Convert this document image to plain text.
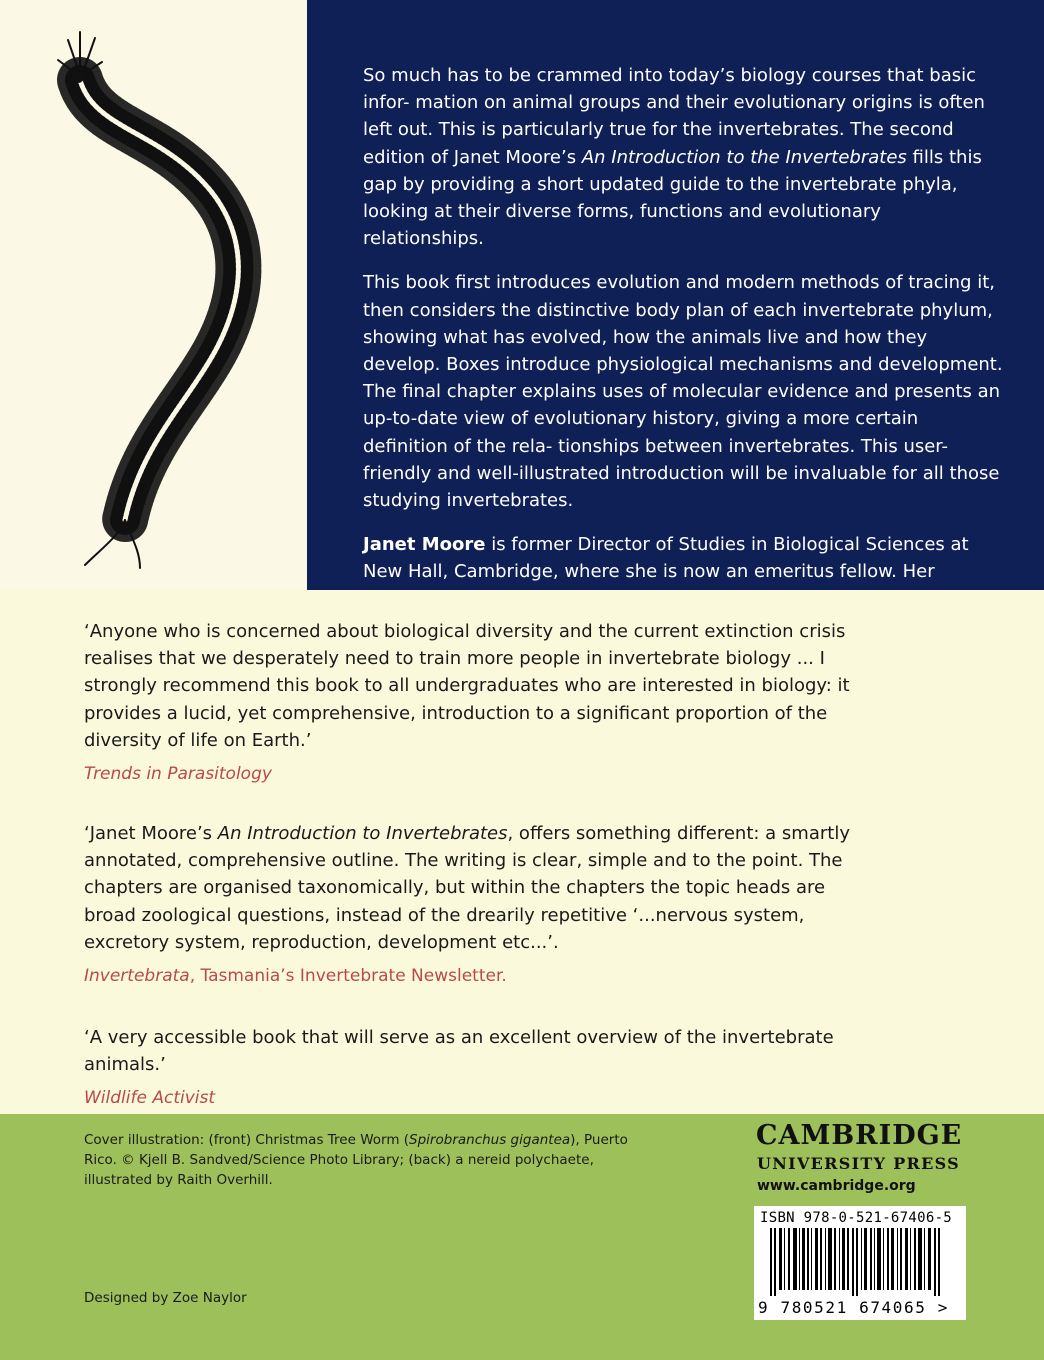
So much has to be crammed into today’s biology courses that basic infor- mation on animal groups and their evolutionary origins is often left out. This is particularly true for the invertebrates. The second edition of Janet Moore’s An Introduction to the Invertebrates fills this gap by providing a short updated guide to the invertebrate phyla, looking at their diverse forms, functions and evolutionary relationships.

This book first introduces evolution and modern methods of tracing it, then considers the distinctive body plan of each invertebrate phylum, showing what has evolved, how the animals live and how they develop. Boxes introduce physiological mechanisms and development. The final chapter explains uses of molecular evidence and presents an up-to-date view of evolutionary history, giving a more certain definition of the rela- tionships between invertebrates. This user-friendly and well-illustrated introduction will be invaluable for all those studying invertebrates.

Janet Moore is former Director of Studies in Biological Sciences at New Hall, Cambridge, where she is now an emeritus fellow. Her

‘Anyone who is concerned about biological diversity and the current extinction crisis realises that we desperately need to train more people in invertebrate biology ... I strongly recommend this book to all undergraduates who are interested in biology: it provides a lucid, yet comprehensive, introduction to a significant proportion of the diversity of life on Earth.’

Trends in Parasitology

‘Janet Moore’s An Introduction to Invertebrates, offers something different: a smartly annotated, comprehensive outline. The writing is clear, simple and to the point. The chapters are organised taxonomically, but within the chapters the topic heads are broad zoological questions, instead of the drearily repetitive ‘...nervous system, excretory system, reproduction, development etc...’.

Invertebrata, Tasmania’s Invertebrate Newsletter.

‘A very accessible book that will serve as an excellent overview of the invertebrate animals.’

Wildlife Activist

Cover illustration: (front) Christmas Tree Worm (Spirobranchus gigantea), Puerto Rico. © Kjell B. Sandved/Science Photo Library; (back) a nereid polychaete, illustrated by Raith Overhill.
Designed by Zoe Naylor
CAMBRIDGE
UNIVERSITY PRESS
www.cambridge.org
ISBN 978-0-521-67406-5
9 780521 674065 >
